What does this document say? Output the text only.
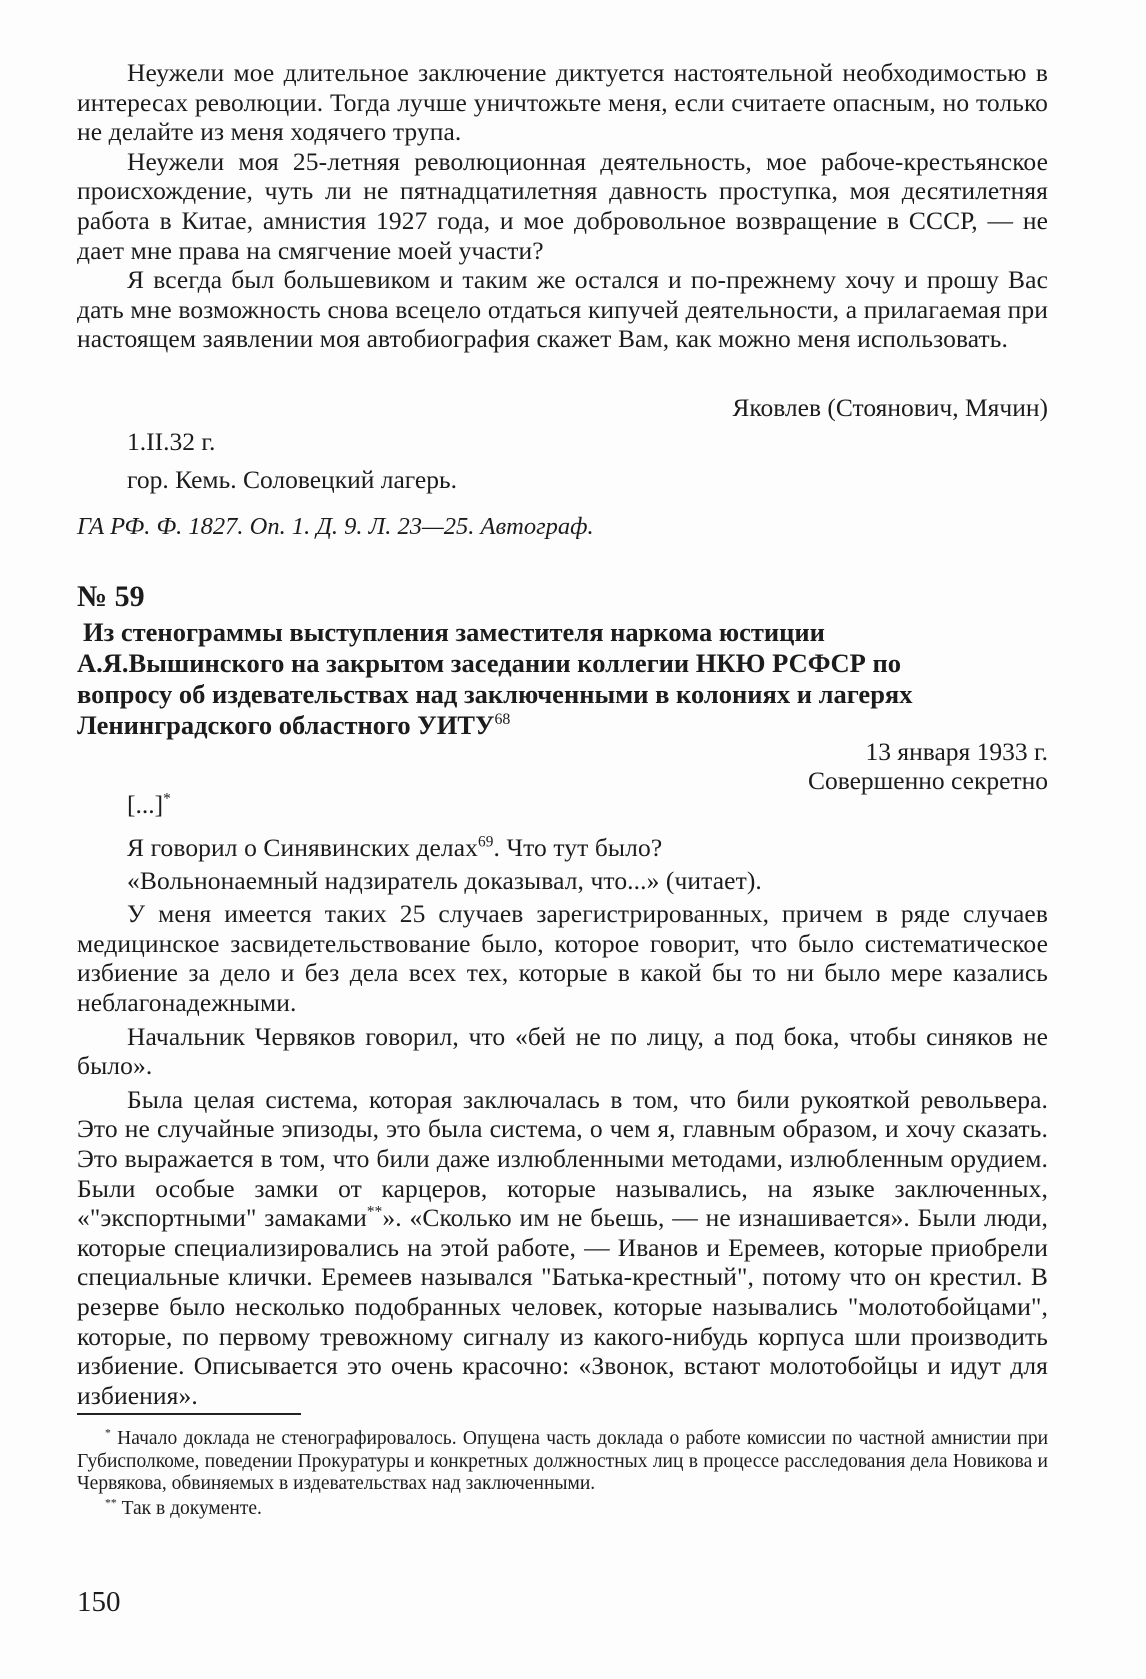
Неужели мое длительное заключение диктуется настоятельной необходимостью в интересах революции. Тогда лучше уничтожьте меня, если считаете опасным, но только не делайте из меня ходячего трупа.

Неужели моя 25-летняя революционная деятельность, мое рабоче-крестьянское происхождение, чуть ли не пятнадцатилетняя давность проступка, моя десятилетняя работа в Китае, амнистия 1927 года, и мое добровольное возвращение в СССР, — не дает мне права на смягчение моей участи?

Я всегда был большевиком и таким же остался и по-прежнему хочу и прошу Вас дать мне возможность снова всецело отдаться кипучей деятельности, а прилагаемая при настоящем заявлении моя автобиография скажет Вам, как можно меня использовать.

Яковлев (Стоянович, Мячин)
1.II.32 г.
гор. Кемь. Соловецкий лагерь.
ГА РФ. Ф. 1827. Оп. 1. Д. 9. Л. 23—25. Автограф.
№ 59
Из стенограммы выступления заместителя наркома юстиции
А.Я.Вышинского на закрытом заседании коллегии НКЮ РСФСР по
вопросу об издевательствах над заключенными в колониях и лагерях
Ленинградского областного УИТУ$^{68}$
13 января 1933 г.
Совершенно секретно
[...]*

Я говорил о Синявинских делах$^{69}$. Что тут было?

«Вольнонаемный надзиратель доказывал, что...» (читает).

У меня имеется таких 25 случаев зарегистрированных, причем в ряде случаев медицинское засвидетельствование было, которое говорит, что было систематическое избиение за дело и без дела всех тех, которые в какой бы то ни было мере казались неблагонадежными.

Начальник Червяков говорил, что «бей не по лицу, а под бока, чтобы синяков не было».

Была целая система, которая заключалась в том, что били рукояткой револьвера. Это не случайные эпизоды, это была система, о чем я, главным образом, и хочу сказать. Это выражается в том, что били даже излюбленными методами, излюбленным орудием. Были особые замки от карцеров, которые назывались, на языке заключенных, «"экспортными" замаками**». «Сколько им не бьешь, — не изнашивается». Были люди, которые специализировались на этой работе, — Иванов и Еремеев, которые приобрели специальные клички. Еремеев назывался "Батька-крестный", потому что он крестил. В резерве было несколько подобранных человек, которые назывались "молотобойцами", которые, по первому тревожному сигналу из какого-нибудь корпуса шли производить избиение. Описывается это очень красочно: «Звонок, встают молотобойцы и идут для избиения».

* Начало доклада не стенографировалось. Опущена часть доклада о работе комиссии по частной амнистии при Губисполкоме, поведении Прокуратуры и конкретных должностных лиц в процессе расследования дела Новикова и Червякова, обвиняемых в издевательствах над заключенными.

** Так в документе.

150
